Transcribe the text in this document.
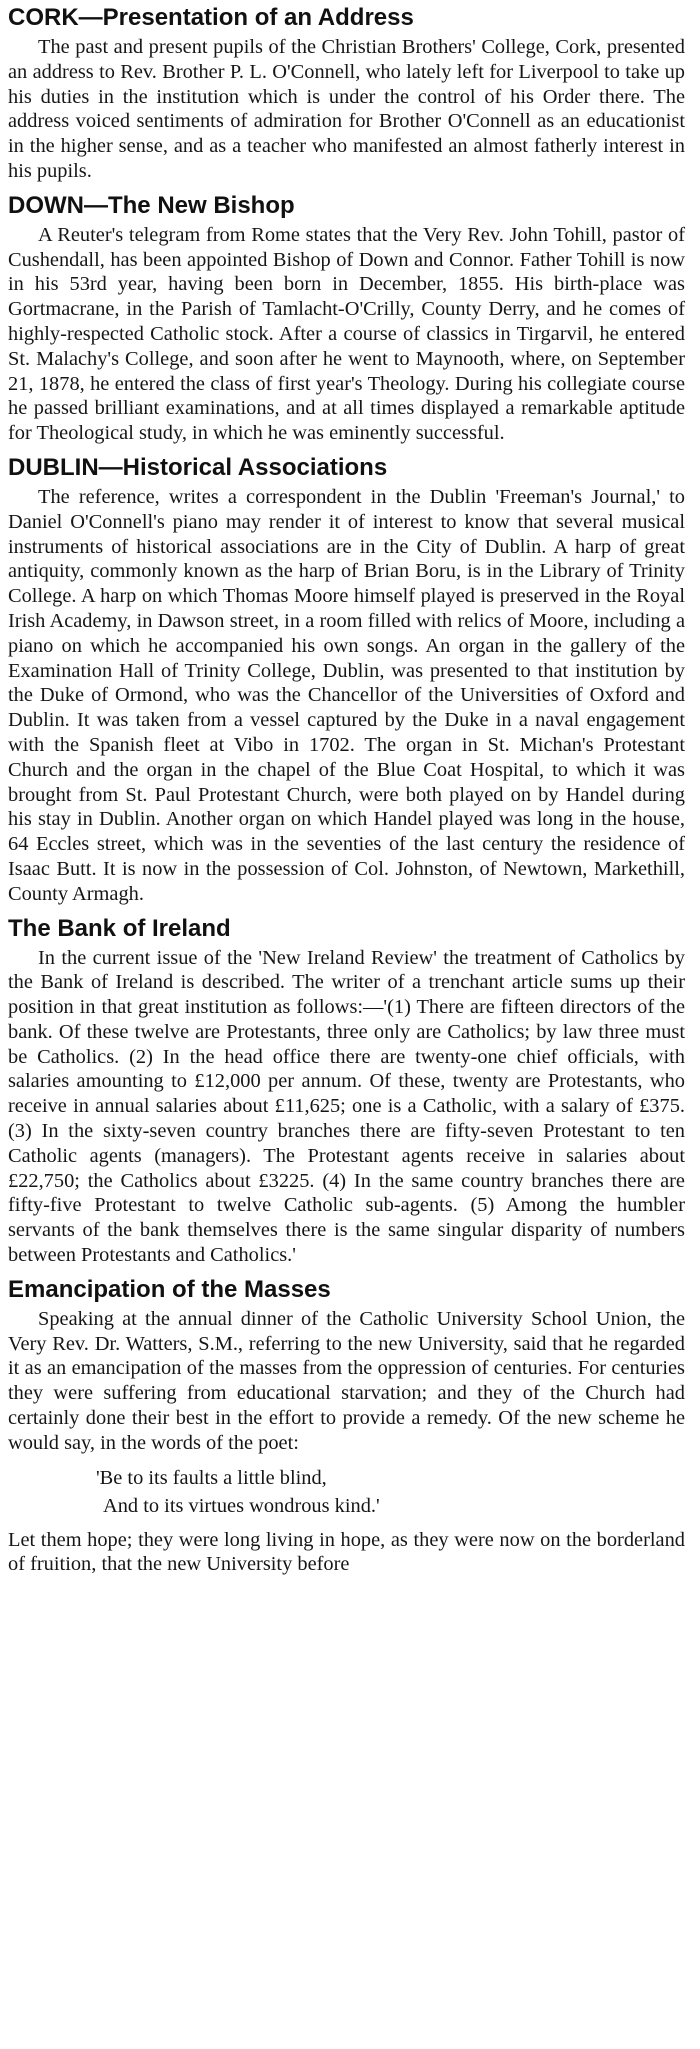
CORK—Presentation of an Address

The past and present pupils of the Christian Brothers' College, Cork, presented an address to Rev. Brother P. L. O'Connell, who lately left for Liverpool to take up his duties in the institution which is under the control of his Order there. The address voiced sentiments of admiration for Brother O'Connell as an educationist in the higher sense, and as a teacher who manifested an almost fatherly interest in his pupils.

DOWN—The New Bishop

A Reuter's telegram from Rome states that the Very Rev. John Tohill, pastor of Cushendall, has been appointed Bishop of Down and Connor. Father Tohill is now in his 53rd year, having been born in December, 1855. His birth-place was Gortmacrane, in the Parish of Tamlacht-O'Crilly, County Derry, and he comes of highly-respected Catholic stock. After a course of classics in Tirgarvil, he entered St. Malachy's College, and soon after he went to Maynooth, where, on September 21, 1878, he entered the class of first year's Theology. During his collegiate course he passed brilliant examinations, and at all times displayed a remarkable aptitude for Theological study, in which he was eminently successful.

DUBLIN—Historical Associations

The reference, writes a correspondent in the Dublin 'Freeman's Journal,' to Daniel O'Connell's piano may render it of interest to know that several musical instruments of historical associations are in the City of Dublin. A harp of great antiquity, commonly known as the harp of Brian Boru, is in the Library of Trinity College. A harp on which Thomas Moore himself played is preserved in the Royal Irish Academy, in Dawson street, in a room filled with relics of Moore, including a piano on which he accompanied his own songs. An organ in the gallery of the Examination Hall of Trinity College, Dublin, was presented to that institution by the Duke of Ormond, who was the Chancellor of the Universities of Oxford and Dublin. It was taken from a vessel captured by the Duke in a naval engagement with the Spanish fleet at Vibo in 1702. The organ in St. Michan's Protestant Church and the organ in the chapel of the Blue Coat Hospital, to which it was brought from St. Paul Protestant Church, were both played on by Handel during his stay in Dublin. Another organ on which Handel played was long in the house, 64 Eccles street, which was in the seventies of the last century the residence of Isaac Butt. It is now in the possession of Col. Johnston, of Newtown, Markethill, County Armagh.

The Bank of Ireland

In the current issue of the 'New Ireland Review' the treatment of Catholics by the Bank of Ireland is described. The writer of a trenchant article sums up their position in that great institution as follows:—'(1) There are fifteen directors of the bank. Of these twelve are Protestants, three only are Catholics; by law three must be Catholics. (2) In the head office there are twenty-one chief officials, with salaries amounting to £12,000 per annum. Of these, twenty are Protestants, who receive in annual salaries about £11,625; one is a Catholic, with a salary of £375. (3) In the sixty-seven country branches there are fifty-seven Protestant to ten Catholic agents (managers). The Protestant agents receive in salaries about £22,750; the Catholics about £3225. (4) In the same country branches there are fifty-five Protestant to twelve Catholic sub-agents. (5) Among the humbler servants of the bank themselves there is the same singular disparity of numbers between Protestants and Catholics.'

Emancipation of the Masses

Speaking at the annual dinner of the Catholic University School Union, the Very Rev. Dr. Watters, S.M., referring to the new University, said that he regarded it as an emancipation of the masses from the oppression of centuries. For centuries they were suffering from educational starvation; and they of the Church had certainly done their best in the effort to provide a remedy. Of the new scheme he would say, in the words of the poet:

'Be to its faults a little blind,
And to its virtues wondrous kind.'

Let them hope; they were long living in hope, as they were now on the borderland of fruition, that the new University before
